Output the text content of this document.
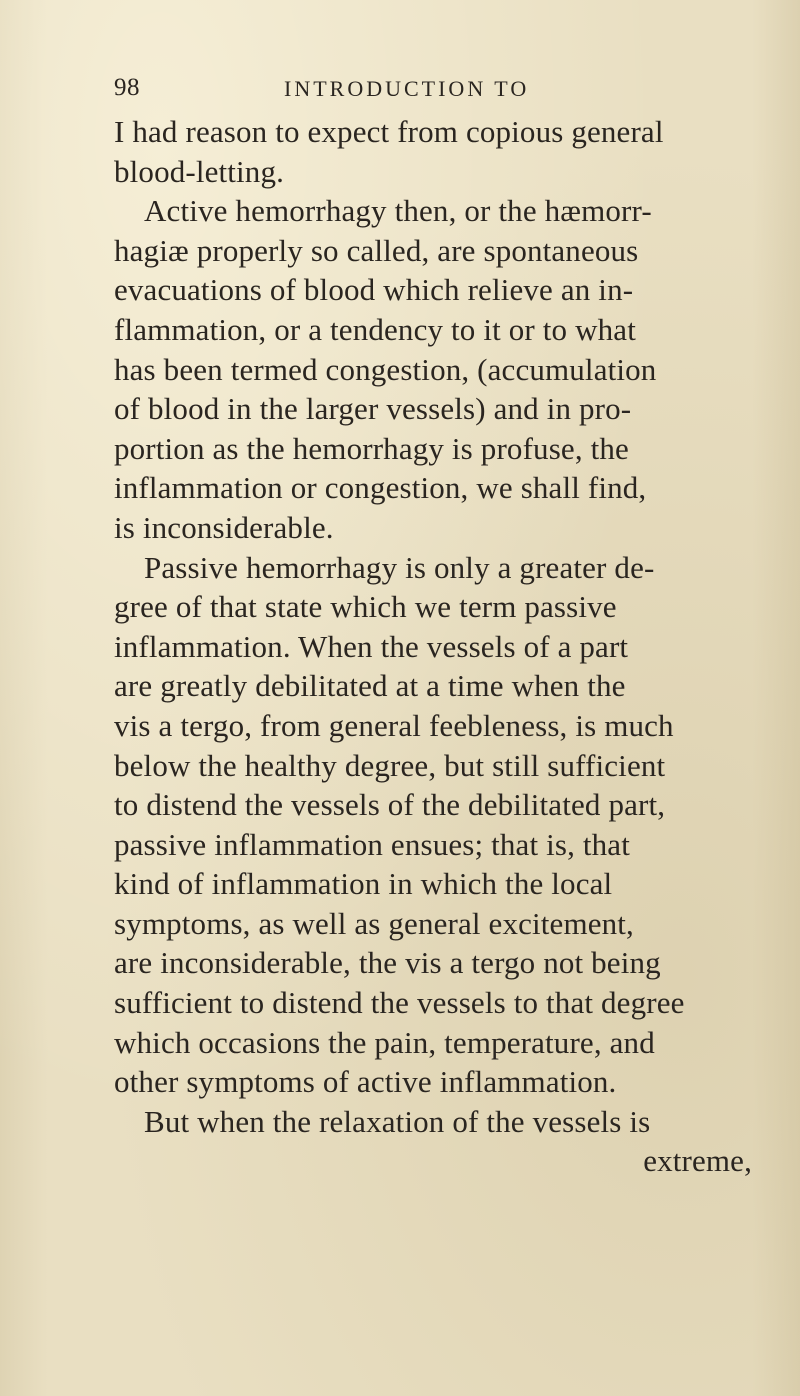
98	INTRODUCTION TO
I had reason to expect from copious general
blood-letting.
Active hemorrhagy then, or the hæmorr-
hagiæ properly so called, are spontaneous
evacuations of blood which relieve an in-
flammation, or a tendency to it or to what
has been termed congestion, (accumulation
of blood in the larger vessels) and in pro-
portion as the hemorrhagy is profuse, the
inflammation or congestion, we shall find,
is inconsiderable.
Passive hemorrhagy is only a greater de-
gree of that state which we term passive
inflammation. When the vessels of a part
are greatly debilitated at a time when the
vis a tergo, from general feebleness, is much
below the healthy degree, but still sufficient
to distend the vessels of the debilitated part,
passive inflammation ensues; that is, that
kind of inflammation in which the local
symptoms, as well as general excitement,
are inconsiderable, the vis a tergo not being
sufficient to distend the vessels to that degree
which occasions the pain, temperature, and
other symptoms of active inflammation.
But when the relaxation of the vessels is
extreme,
